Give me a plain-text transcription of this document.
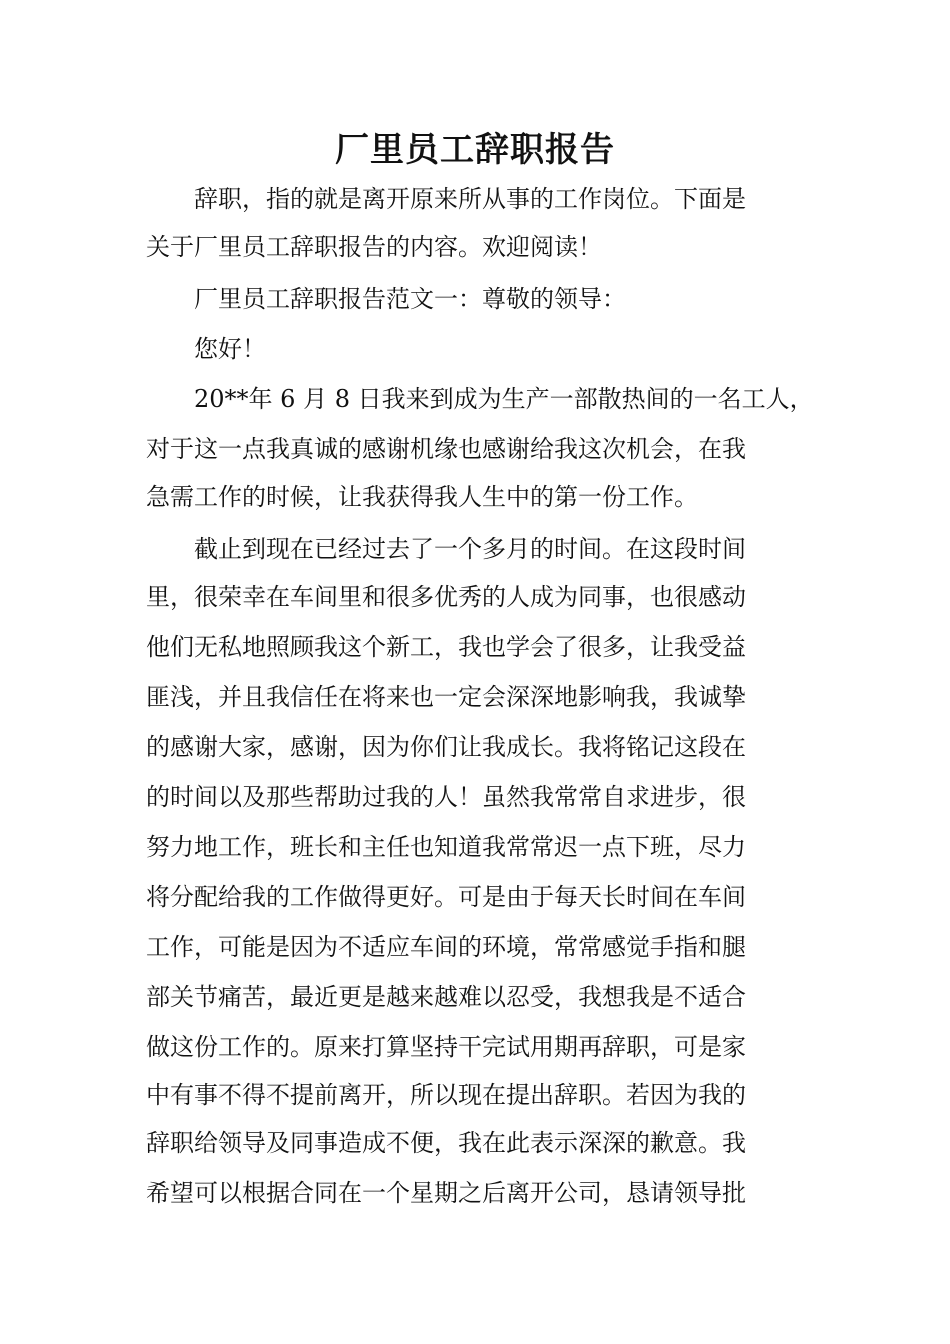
厂里员工辞职报告

辞职，指的就是离开原来所从事的工作岗位。下面是

关于厂里员工辞职报告的内容。欢迎阅读！

厂里员工辞职报告范文一：尊敬的领导：

您好！

20**年 6 月 8 日我来到成为生产一部散热间的一名工人，

对于这一点我真诚的感谢机缘也感谢给我这次机会，在我

急需工作的时候，让我获得我人生中的第一份工作。

截止到现在已经过去了一个多月的时间。在这段时间

里，很荣幸在车间里和很多优秀的人成为同事，也很感动

他们无私地照顾我这个新工，我也学会了很多，让我受益

匪浅，并且我信任在将来也一定会深深地影响我，我诚挚

的感谢大家，感谢，因为你们让我成长。我将铭记这段在

的时间以及那些帮助过我的人！虽然我常常自求进步，很

努力地工作，班长和主任也知道我常常迟一点下班，尽力

将分配给我的工作做得更好。可是由于每天长时间在车间

工作，可能是因为不适应车间的环境，常常感觉手指和腿

部关节痛苦，最近更是越来越难以忍受，我想我是不适合

做这份工作的。原来打算坚持干完试用期再辞职，可是家

中有事不得不提前离开，所以现在提出辞职。若因为我的

辞职给领导及同事造成不便，我在此表示深深的歉意。我

希望可以根据合同在一个星期之后离开公司，恳请领导批
